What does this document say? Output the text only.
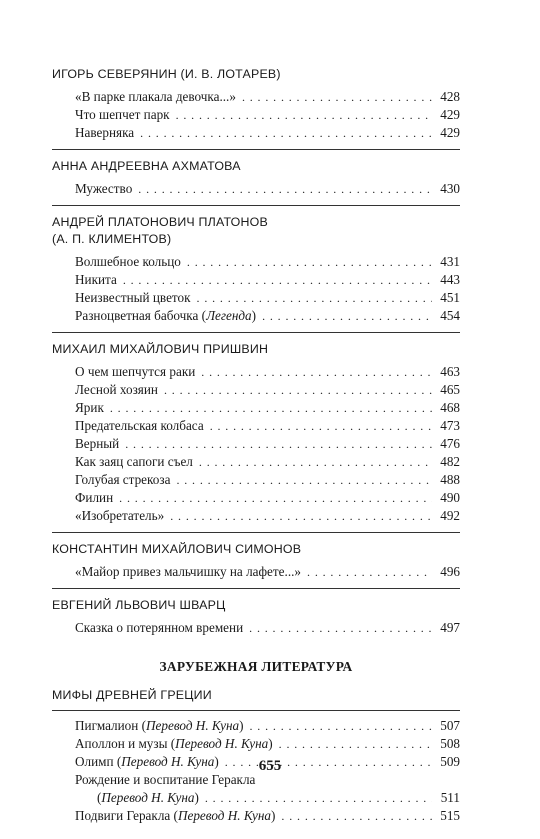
ИГОРЬ СЕВЕРЯНИН (И. В. ЛОТАРЕВ)
«В парке плакала девочка...» . . .	428
Что шепчет парк . . .	429
Наверняка . . .	429
АННА АНДРЕЕВНА АХМАТОВА
Мужество . . .	430
АНДРЕЙ ПЛАТОНОВИЧ ПЛАТОНОВ
(А. П. КЛИМЕНТОВ)
Волшебное кольцо . . .	431
Никита . . .	443
Неизвестный цветок . . .	451
Разноцветная бабочка (Легенда) . . .	454
МИХАИЛ МИХАЙЛОВИЧ ПРИШВИН
О чем шепчутся раки . . .	463
Лесной хозяин . . .	465
Ярик . . .	468
Предательская колбаса . . .	473
Верный . . .	476
Как заяц сапоги съел . . .	482
Голубая стрекоза . . .	488
Филин . . .	490
«Изобретатель» . . .	492
КОНСТАНТИН МИХАЙЛОВИЧ СИМОНОВ
«Майор привез мальчишку на лафете...» . . .	496
ЕВГЕНИЙ ЛЬВОВИЧ ШВАРЦ
Сказка о потерянном времени . . .	497
ЗАРУБЕЖНАЯ ЛИТЕРАТУРА
МИФЫ ДРЕВНЕЙ ГРЕЦИИ
Пигмалион (Перевод Н. Куна) . . .	507
Аполлон и музы (Перевод Н. Куна) . . .	508
Олимп (Перевод Н. Куна) . . .	509
Рождение и воспитание Геракла
(Перевод Н. Куна) . . .	511
Подвиги Геракла (Перевод Н. Куна) . . .	515
655
